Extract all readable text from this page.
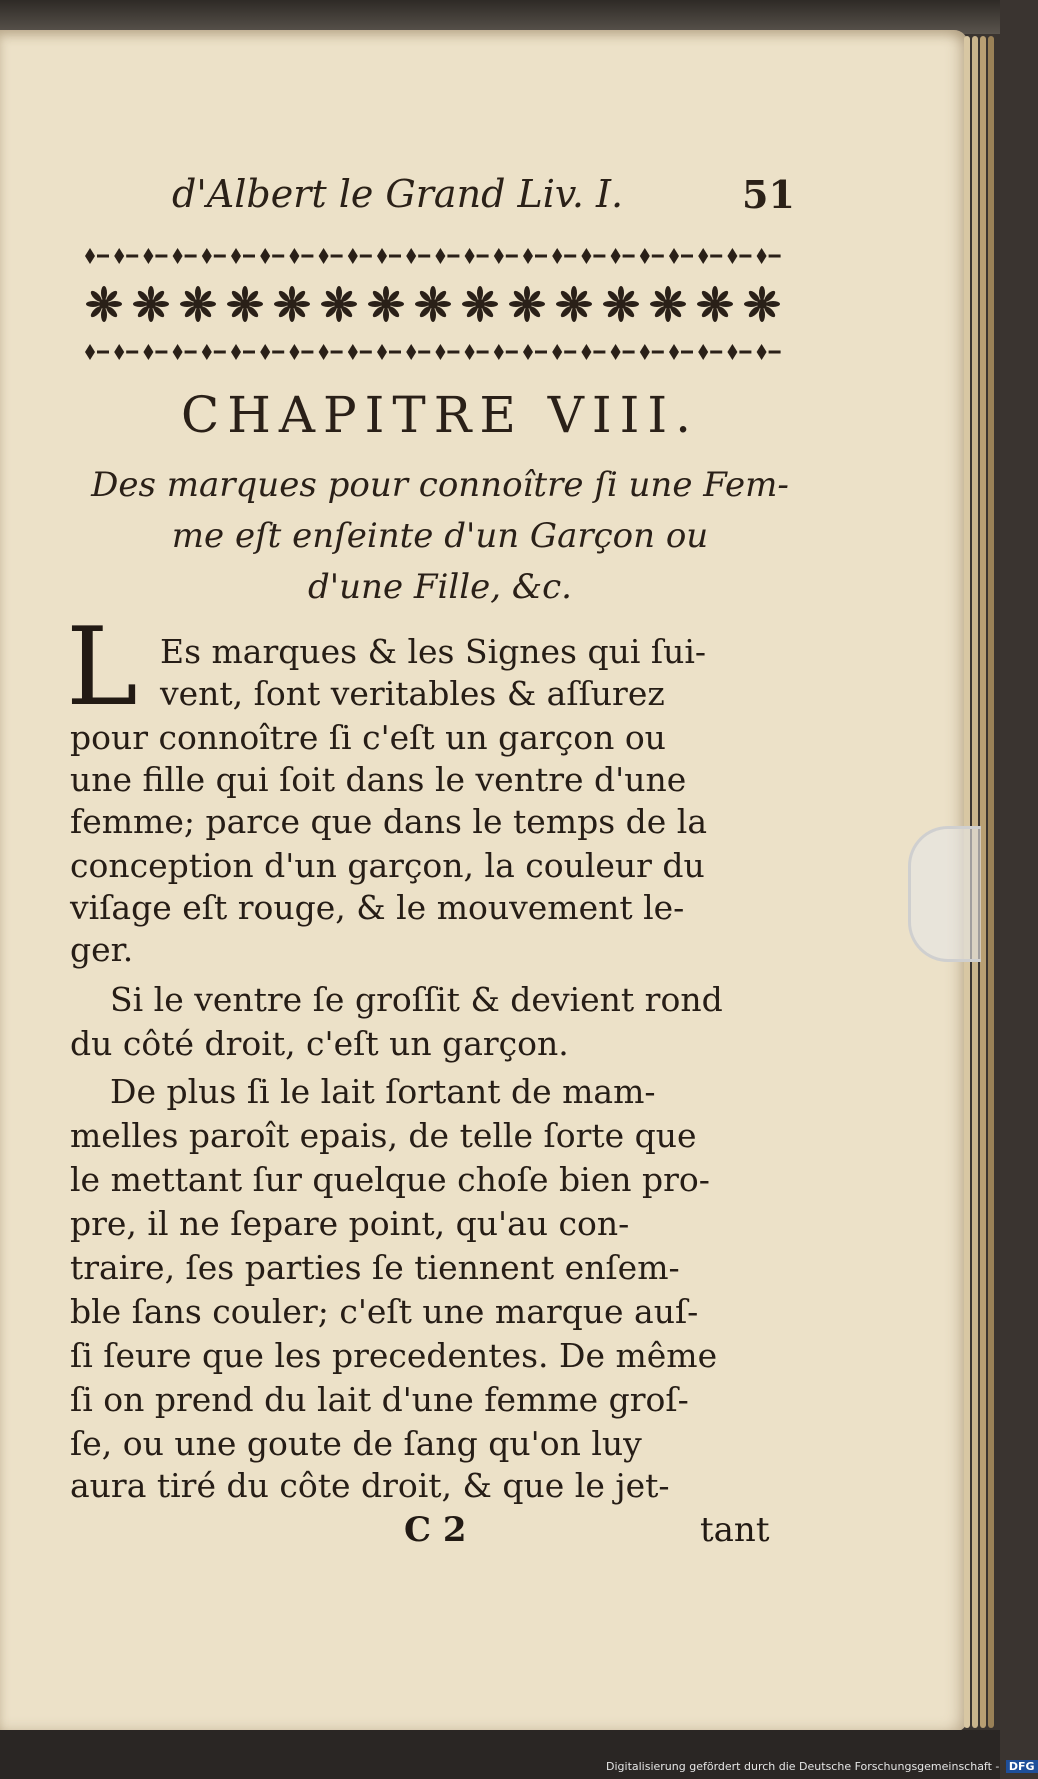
d'Albert le Grand Liv. I.	51
CHAPITRE VIII.
Des marques pour connoître ſi une Fem-
me eſt enſeinte d'un Garçon ou
d'une Fille, &c.
L Es marques & les Signes qui ſui-
vent, ſont veritables & aſſurez
pour connoître ſi c'eſt un garçon ou
une fille qui ſoit dans le ventre d'une
femme; parce que dans le temps de la
conception d'un garçon, la couleur du
viſage eſt rouge, & le mouvement le-
ger.
Si le ventre ſe groſſit & devient rond
du côté droit, c'eſt un garçon.
De plus ſi le lait ſortant de mam-
melles paroît epais, de telle ſorte que
le mettant ſur quelque choſe bien pro-
pre, il ne ſepare point, qu'au con-
traire, ſes parties ſe tiennent enſem-
ble ſans couler; c'eſt une marque auſ-
ſi ſeure que les precedentes. De même
ſi on prend du lait d'une femme groſ-
ſe, ou une goute de ſang qu'on luy
aura tiré du côte droit, & que le jet-
C 2	tant
Digitalisierung gefördert durch die Deutsche Forschungsgemeinschaft - DFG
